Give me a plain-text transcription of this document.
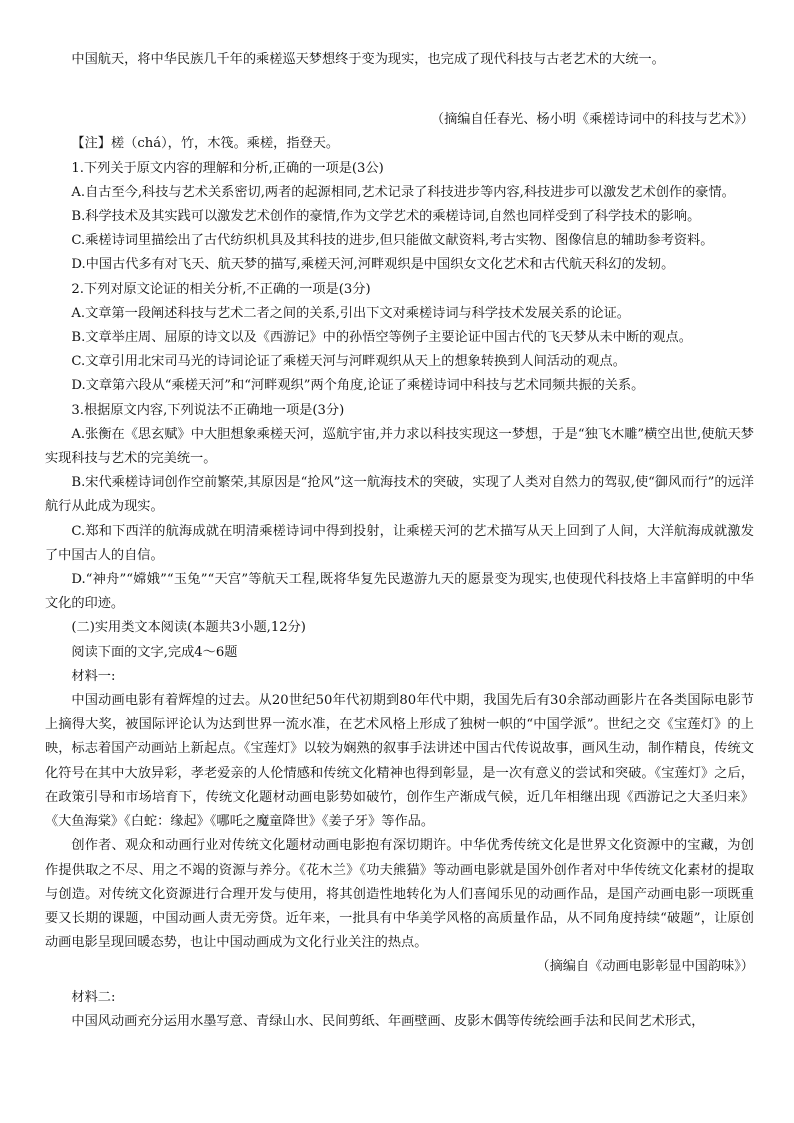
中国航天，将中华民族几千年的乘槎巡天梦想终于变为现实，也完成了现代科技与古老艺术的大统一。

（摘编自任春光、杨小明《乘槎诗词中的科技与艺术》）

【注】槎（chá），竹，木筏。乘槎，指登天。

1.下列关于原文内容的理解和分析,正确的一项是(3公)

A.自古至今,科技与艺术关系密切,两者的起源相同,艺术记录了科技进步等内容,科技进步可以激发艺术创作的豪情。

B.科学技术及其实践可以激发艺术创作的豪情,作为文学艺术的乘槎诗词,自然也同样受到了科学技术的影响。

C.乘槎诗词里描绘出了古代纺织机具及其科技的进步,但只能做文献资料,考古实物、图像信息的辅助参考资料。

D.中国古代多有对飞天、航天梦的描写,乘槎天河,河畔观织是中国织女文化艺术和古代航天科幻的发轫。

2.下列对原文论证的相关分析,不正确的一项是(3分)

A.文章第一段阐述科技与艺术二者之间的关系,引出下文对乘槎诗词与科学技术发展关系的论证。

B.文章举庄周、屈原的诗文以及《西游记》中的孙悟空等例子主要论证中国古代的飞天梦从未中断的观点。

C.文章引用北宋司马光的诗词论证了乘槎天河与河畔观织从天上的想象转换到人间活动的观点。

D.文章第六段从“乘槎天河”和“河畔观织”两个角度,论证了乘槎诗词中科技与艺术同频共振的关系。

3.根据原文内容,下列说法不正确地一项是(3分)

A.张衡在《思玄赋》中大胆想象乘槎天河，巡航宇宙,并力求以科技实现这一梦想，于是“独飞木雕”横空出世,使航天梦实现科技与艺术的完美统一。

B.宋代乘槎诗词创作空前繁荣,其原因是“抢风”这一航海技术的突破，实现了人类对自然力的驾驭,使“御风而行”的远洋航行从此成为现实。

C.郑和下西洋的航海成就在明清乘槎诗词中得到投射，让乘槎天河的艺术描写从天上回到了人间，大洋航海成就激发了中国古人的自信。

D.“神舟”“嫦娥”“玉兔”“天宫”等航天工程,既将华复先民遨游九天的愿景变为现实,也使现代科技烙上丰富鲜明的中华文化的印迹。

(二)实用类文本阅读(本题共3小题,12分)

阅读下面的文字,完成4～6题

材料一:

中国动画电影有着辉煌的过去。从20世纪50年代初期到80年代中期，我国先后有30余部动画影片在各类国际电影节上摘得大奖，被国际评论认为达到世界一流水准，在艺术风格上形成了独树一帜的“中国学派”。世纪之交《宝莲灯》的上映，标志着国产动画站上新起点。《宝莲灯》以较为娴熟的叙事手法讲述中国古代传说故事，画风生动，制作精良，传统文化符号在其中大放异彩，孝老爱亲的人伦情感和传统文化精神也得到彰显，是一次有意义的尝试和突破。《宝莲灯》之后，在政策引导和市场培育下，传统文化题材动画电影势如破竹，创作生产渐成气候，近几年相继出现《西游记之大圣归来》《大鱼海棠》《白蛇：缘起》《哪吒之魔童降世》《姜子牙》等作品。

创作者、观众和动画行业对传统文化题材动画电影抱有深切期许。中华优秀传统文化是世界文化资源中的宝藏，为创作提供取之不尽、用之不竭的资源与养分。《花木兰》《功夫熊猫》等动画电影就是国外创作者对中华传统文化素材的提取与创造。对传统文化资源进行合理开发与使用，将其创造性地转化为人们喜闻乐见的动画作品，是国产动画电影一项既重要又长期的课题，中国动画人责无旁贷。近年来，一批具有中华美学风格的高质量作品，从不同角度持续“破题”，让原创动画电影呈现回暖态势，也让中国动画成为文化行业关注的热点。

（摘编自《动画电影彰显中国韵味》）

材料二:

中国风动画充分运用水墨写意、青绿山水、民间剪纸、年画壁画、皮影木偶等传统绘画手法和民间艺术形式，
